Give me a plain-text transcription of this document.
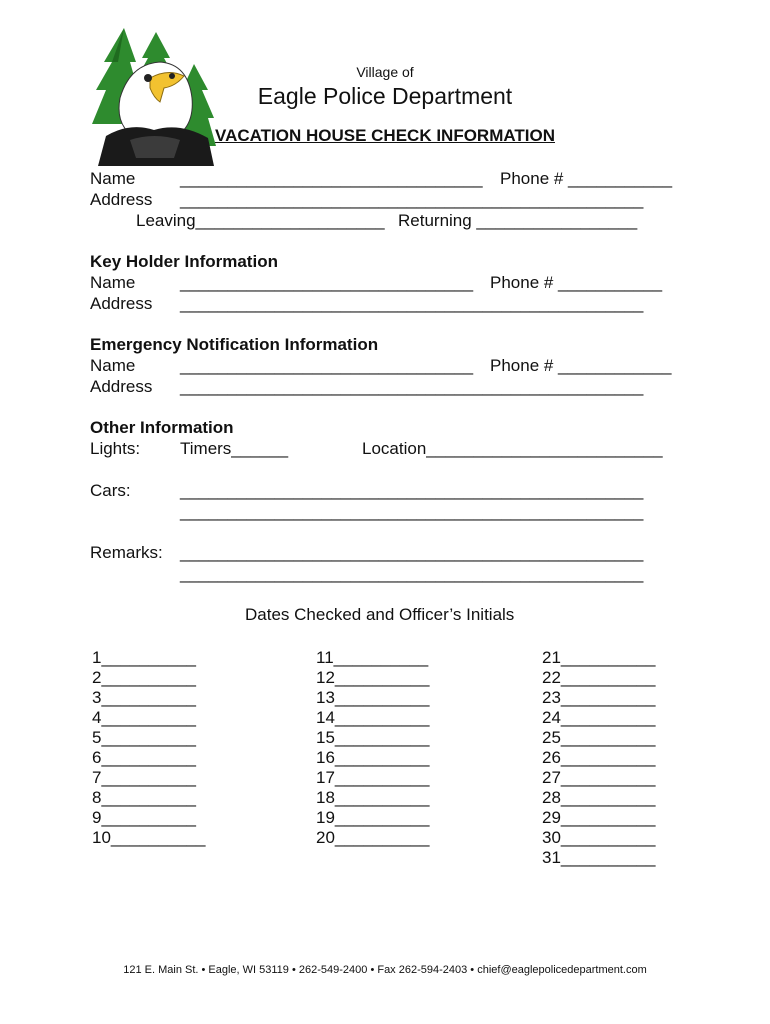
Village of
Eagle Police Department
VACATION HOUSE CHECK INFORMATION
Name	________________________________ Phone # ___________
Address _________________________________________________
Leaving____________________ Returning _________________
Key Holder Information
Name	_______________________________ Phone # ___________
Address _________________________________________________
Emergency Notification Information
Name	_______________________________ Phone # ____________
Address _________________________________________________
Other Information
Lights: Timers______	Location_________________________
Cars:	_________________________________________________
_________________________________________________
Remarks: _________________________________________________
_________________________________________________
Dates Checked and Officer’s Initials
1__________
2__________
3__________
4__________
5__________
6__________
7__________
8__________
9__________
10__________
11__________
12__________
13__________
14__________
15__________
16__________
17__________
18__________
19__________
20__________
21__________
22__________
23__________
24__________
25__________
26__________
27__________
28__________
29__________
30__________
31__________
121 E. Main St. • Eagle, WI 53119 • 262-549-2400 • Fax 262-594-2403 • chief@eaglepolicedepartment.com
